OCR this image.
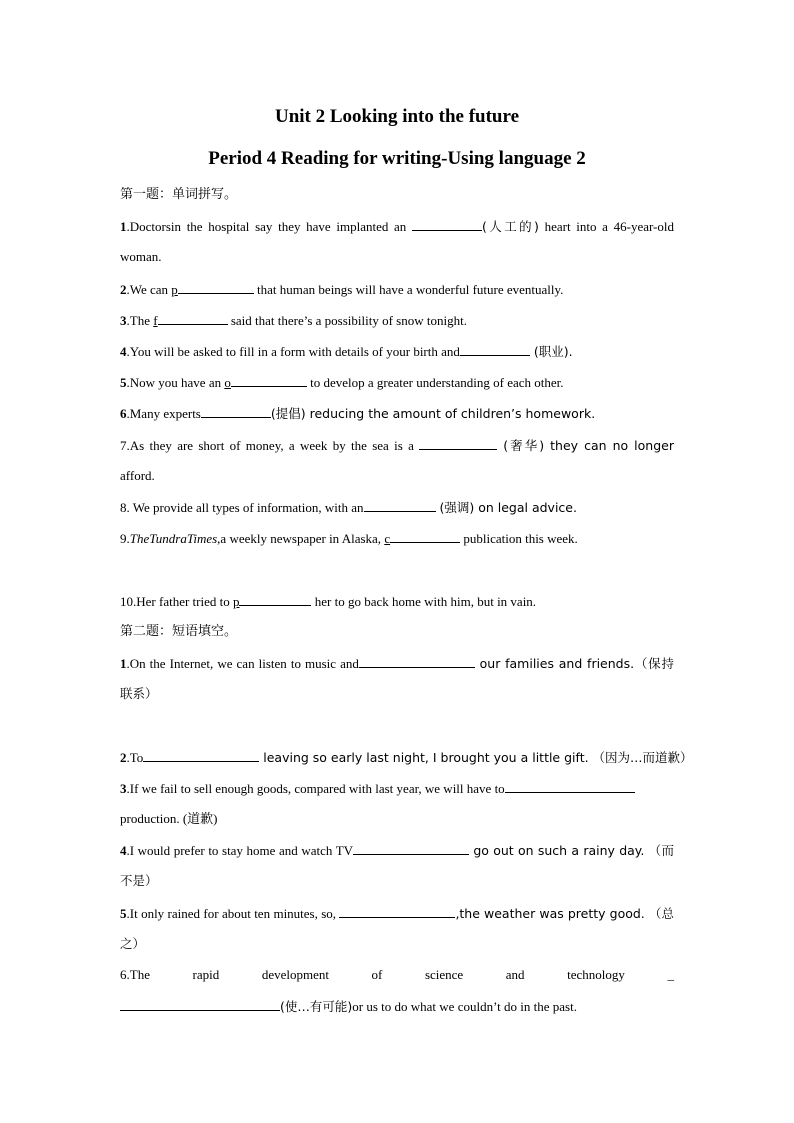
Unit 2 Looking into the future
Period 4 Reading for writing-Using language 2
第一题：单词拼写。
1.Doctorsin the hospital say they have implanted an	(人工的) heart into a 46-year-old
woman.
2.We can p	that human beings will have a wonderful future eventually.
3.The f	said that there’s a possibility of snow tonight.
4.You will be asked to fill in a form with details of your birth and	(职业).
5.Now you have an o	to develop a greater understanding of each other.
6.Many experts	(提倡) reducing the amount of children’s homework.
7.As they are short of money, a week by the sea is a	(奢华) they can no longer
afford.
8. We provide all types of information, with an	(强调) on legal advice.
9.TheTundraTimes,a weekly newspaper in Alaska, c	publication this week.
10.Her father tried to p	her to go back home with him, but in vain.
第二题：短语填空。
1.On the Internet, we can listen to music and	our families and friends.（保持
联系）
2.To	leaving so early last night, I brought you a little gift. （因为…而道歉）
3.If we fail to sell enough goods, compared with last year, we will have to
production. (道歉)
4.I would prefer to stay home and watch TV	go out on such a rainy day. （而
不是）
5.It only rained for about ten minutes, so,	,the weather was pretty good. （总
之）
6.The	rapid	development	of	science	and	technology	_
(使…有可能)or us to do what we couldn’t do in the past.
